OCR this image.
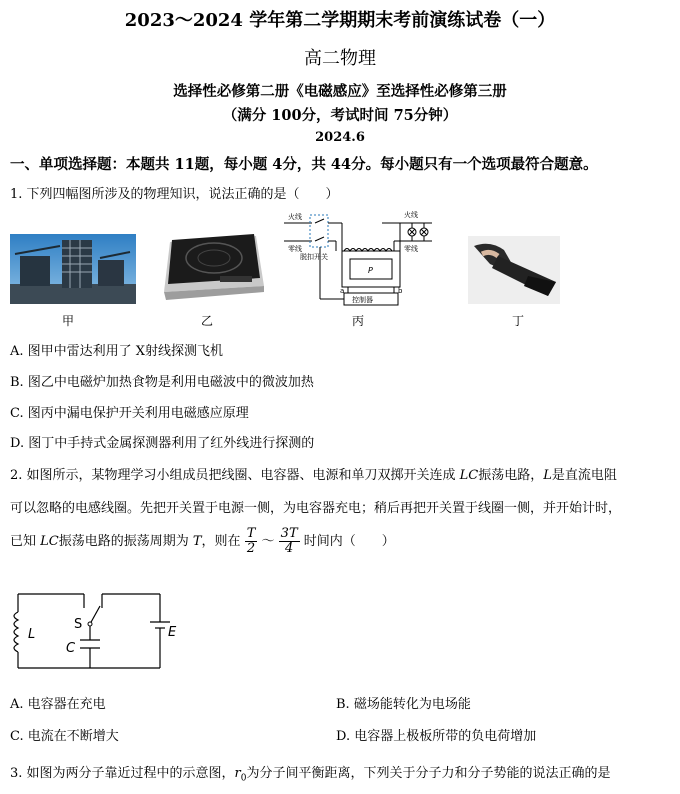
2023～2024 学年第二学期期末考前演练试卷（一）
高二物理
选择性必修第二册《电磁感应》至选择性必修第三册
（满分 100分，考试时间 75分钟）
2024.6
一、单项选择题：本题共 11题，每小题 4分，共 44分。每小题只有一个选项最符合题意。
1. 下列四幅图所涉及的物理知识，说法正确的是（　　）
甲	乙
火线
零线
脱扣开关
火线
零线
P
a	b
控制器
丙	丁
A. 图甲中雷达利用了 X射线探测飞机
B. 图乙中电磁炉加热食物是利用电磁波中的微波加热
C. 图丙中漏电保护开关利用电磁感应原理
D. 图丁中手持式金属探测器利用了红外线进行探测的
2. 如图所示，某物理学习小组成员把线圈、电容器、电源和单刀双掷开关连成 LC振荡电路，L是直流电阻
可以忽略的电感线圈。先把开关置于电源一侧，为电容器充电；稍后再把开关置于线圈一侧，并开始计时，
已知 LC振荡电路的振荡周期为 T，则在 $\frac{T}{2}$ ～ $\frac{3T}{4}$ 时间内（　　）
L
S
C
E
A. 电容器在充电	B. 磁场能转化为电场能
C. 电流在不断增大	D. 电容器上极板所带的负电荷增加
3. 如图为两分子靠近过程中的示意图，$r_0$为分子间平衡距离，下列关于分子力和分子势能的说法正确的是
